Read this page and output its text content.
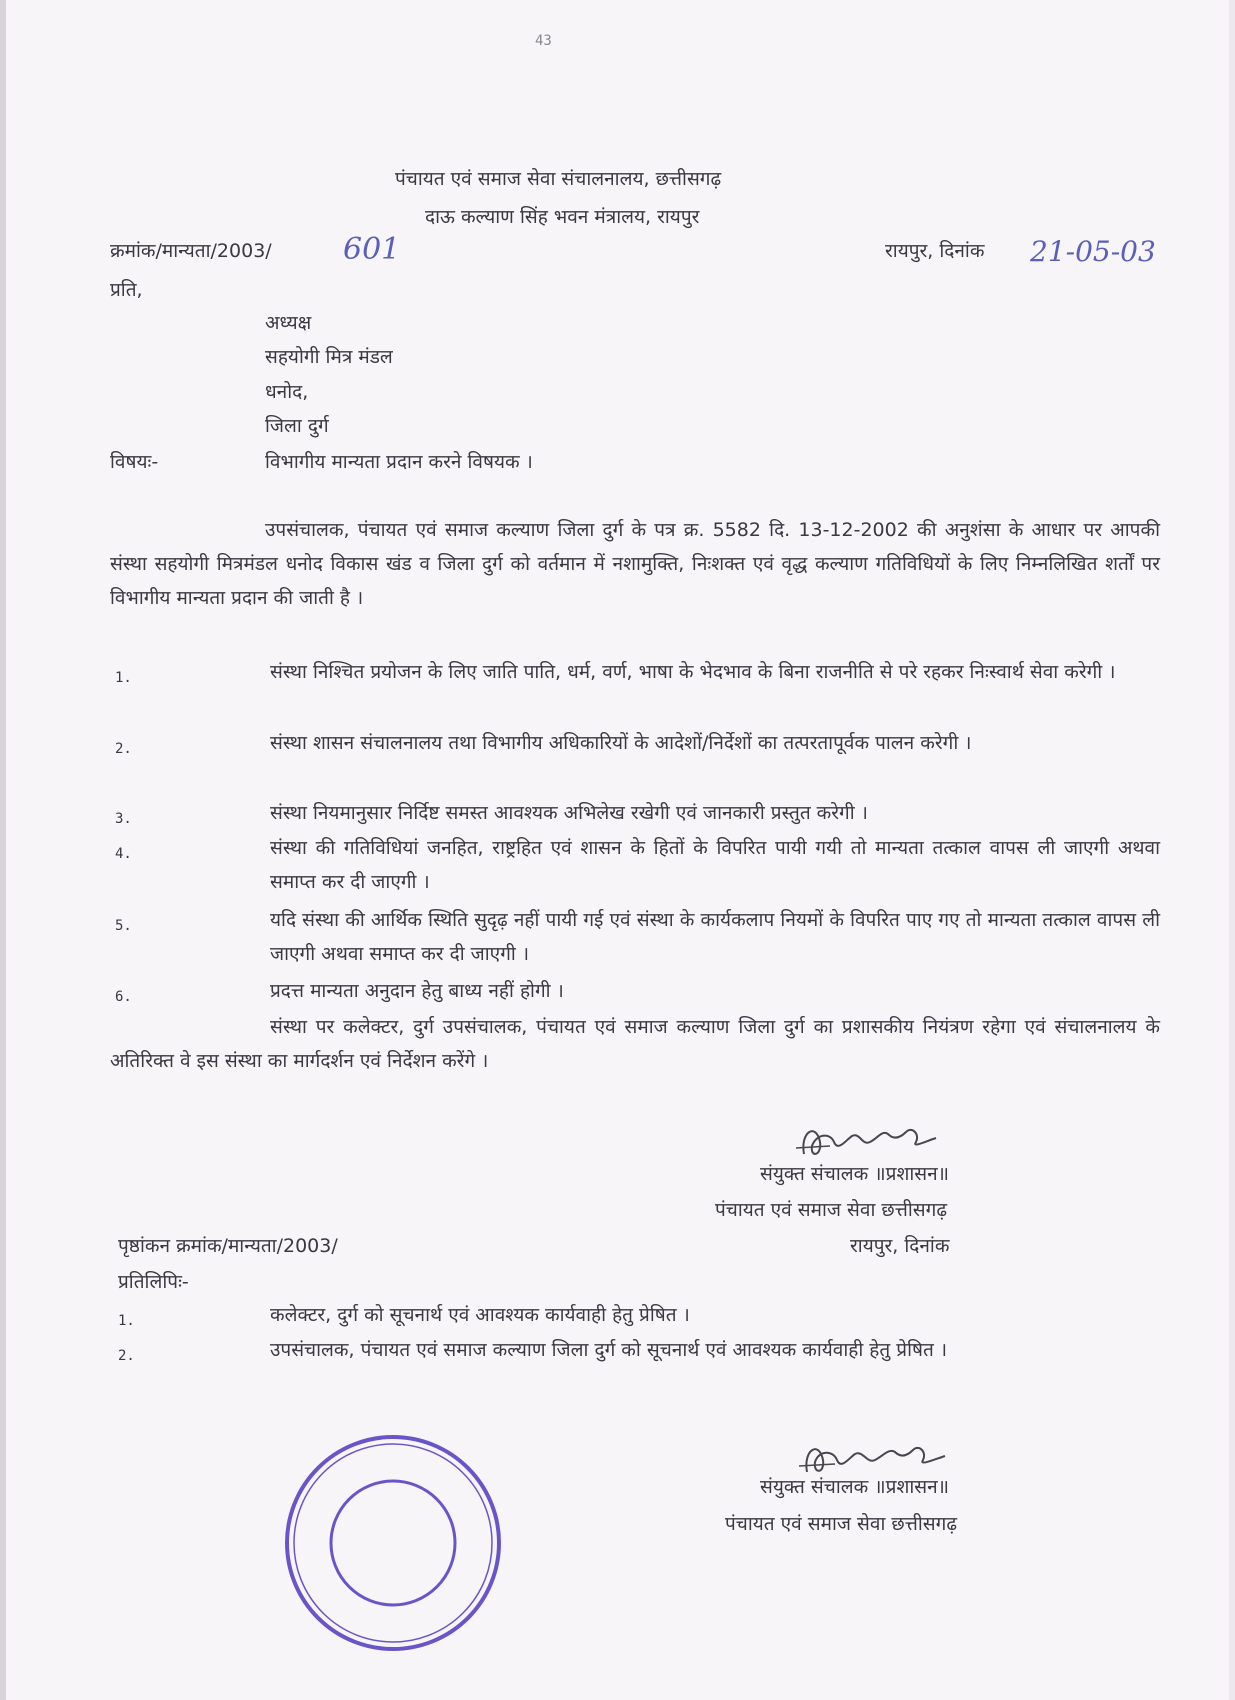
43
पंचायत एवं समाज सेवा संचालनालय, छत्तीसगढ़
दाऊ कल्याण सिंह भवन मंत्रालय, रायपुर
क्रमांक/मान्यता/2003/ 601	रायपुर, दिनांक 21-05-03
प्रति,
अध्यक्ष
सहयोगी मित्र मंडल
धनोद,
जिला दुर्ग
विषयः-	विभागीय मान्यता प्रदान करने विषयक ।
उपसंचालक, पंचायत एवं समाज कल्याण जिला दुर्ग के पत्र क्र. 5582 दि. 13-12-2002 की अनुशंसा के आधार पर आपकी संस्था सहयोगी मित्रमंडल धनोद विकास खंड व जिला दुर्ग को वर्तमान में नशामुक्ति, निःशक्त एवं वृद्ध कल्याण गतिविधियों के लिए निम्नलिखित शर्तों पर विभागीय मान्यता प्रदान की जाती है ।
1.	संस्था निश्चित प्रयोजन के लिए जाति पाति, धर्म, वर्ण, भाषा के भेदभाव के बिना राजनीति से परे रहकर निःस्वार्थ सेवा करेगी ।
2.	संस्था शासन संचालनालय तथा विभागीय अधिकारियों के आदेशों/निर्देशों का तत्परतापूर्वक पालन करेगी ।
3.	संस्था नियमानुसार निर्दिष्ट समस्त आवश्यक अभिलेख रखेगी एवं जानकारी प्रस्तुत करेगी ।
4.	संस्था की गतिविधियां जनहित, राष्ट्रहित एवं शासन के हितों के विपरित पायी गयी तो मान्यता तत्काल वापस ली जाएगी अथवा समाप्त कर दी जाएगी ।
5.	यदि संस्था की आर्थिक स्थिति सुदृढ़ नहीं पायी गई एवं संस्था के कार्यकलाप नियमों के विपरित पाए गए तो मान्यता तत्काल वापस ली जाएगी अथवा समाप्त कर दी जाएगी ।
6.	प्रदत्त मान्यता अनुदान हेतु बाध्य नहीं होगी ।
संस्था पर कलेक्टर, दुर्ग उपसंचालक, पंचायत एवं समाज कल्याण जिला दुर्ग का प्रशासकीय नियंत्रण रहेगा एवं संचालनालय के अतिरिक्त वे इस संस्था का मार्गदर्शन एवं निर्देशन करेंगे ।
संयुक्त संचालक ॥प्रशासन॥
पंचायत एवं समाज सेवा छत्तीसगढ़
रायपुर, दिनांक
पृष्ठांकन क्रमांक/मान्यता/2003/
प्रतिलिपिः-
1.	कलेक्टर, दुर्ग को सूचनार्थ एवं आवश्यक कार्यवाही हेतु प्रेषित ।
2.	उपसंचालक, पंचायत एवं समाज कल्याण जिला दुर्ग को सूचनार्थ एवं आवश्यक कार्यवाही हेतु प्रेषित ।
संयुक्त संचालक ॥प्रशासन॥
पंचायत एवं समाज सेवा छत्तीसगढ़
